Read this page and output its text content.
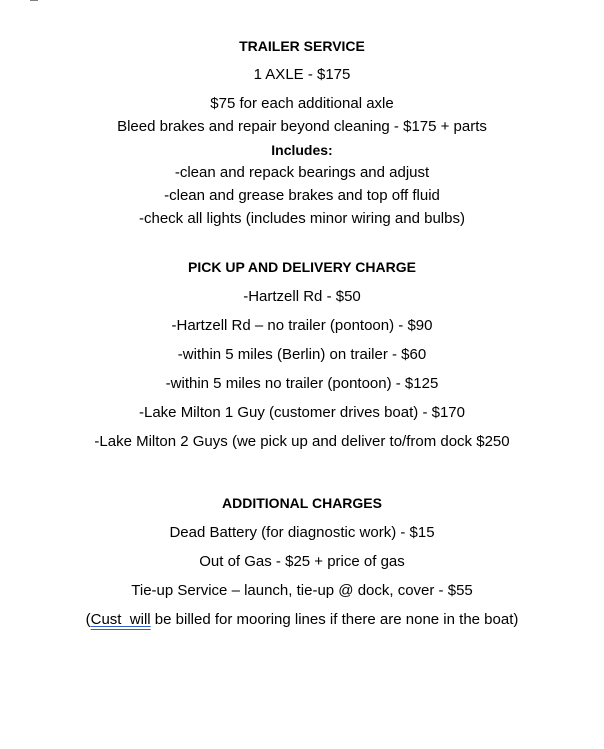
TRAILER SERVICE
1 AXLE - $175
$75 for each additional axle
Bleed brakes and repair beyond cleaning - $175 + parts
Includes:
-clean and repack bearings and adjust
-clean and grease brakes and top off fluid
-check all lights (includes minor wiring and bulbs)
PICK UP AND DELIVERY CHARGE
-Hartzell Rd - $50
-Hartzell Rd – no trailer (pontoon) - $90
-within 5 miles (Berlin) on trailer - $60
-within 5 miles no trailer (pontoon) - $125
-Lake Milton 1 Guy (customer drives boat) - $170
-Lake Milton 2 Guys (we pick up and deliver to/from dock $250
ADDITIONAL CHARGES
Dead Battery (for diagnostic work) - $15
Out of Gas - $25 + price of gas
Tie-up Service – launch, tie-up @ dock, cover - $55
(Cust  will be billed for mooring lines if there are none in the boat)
